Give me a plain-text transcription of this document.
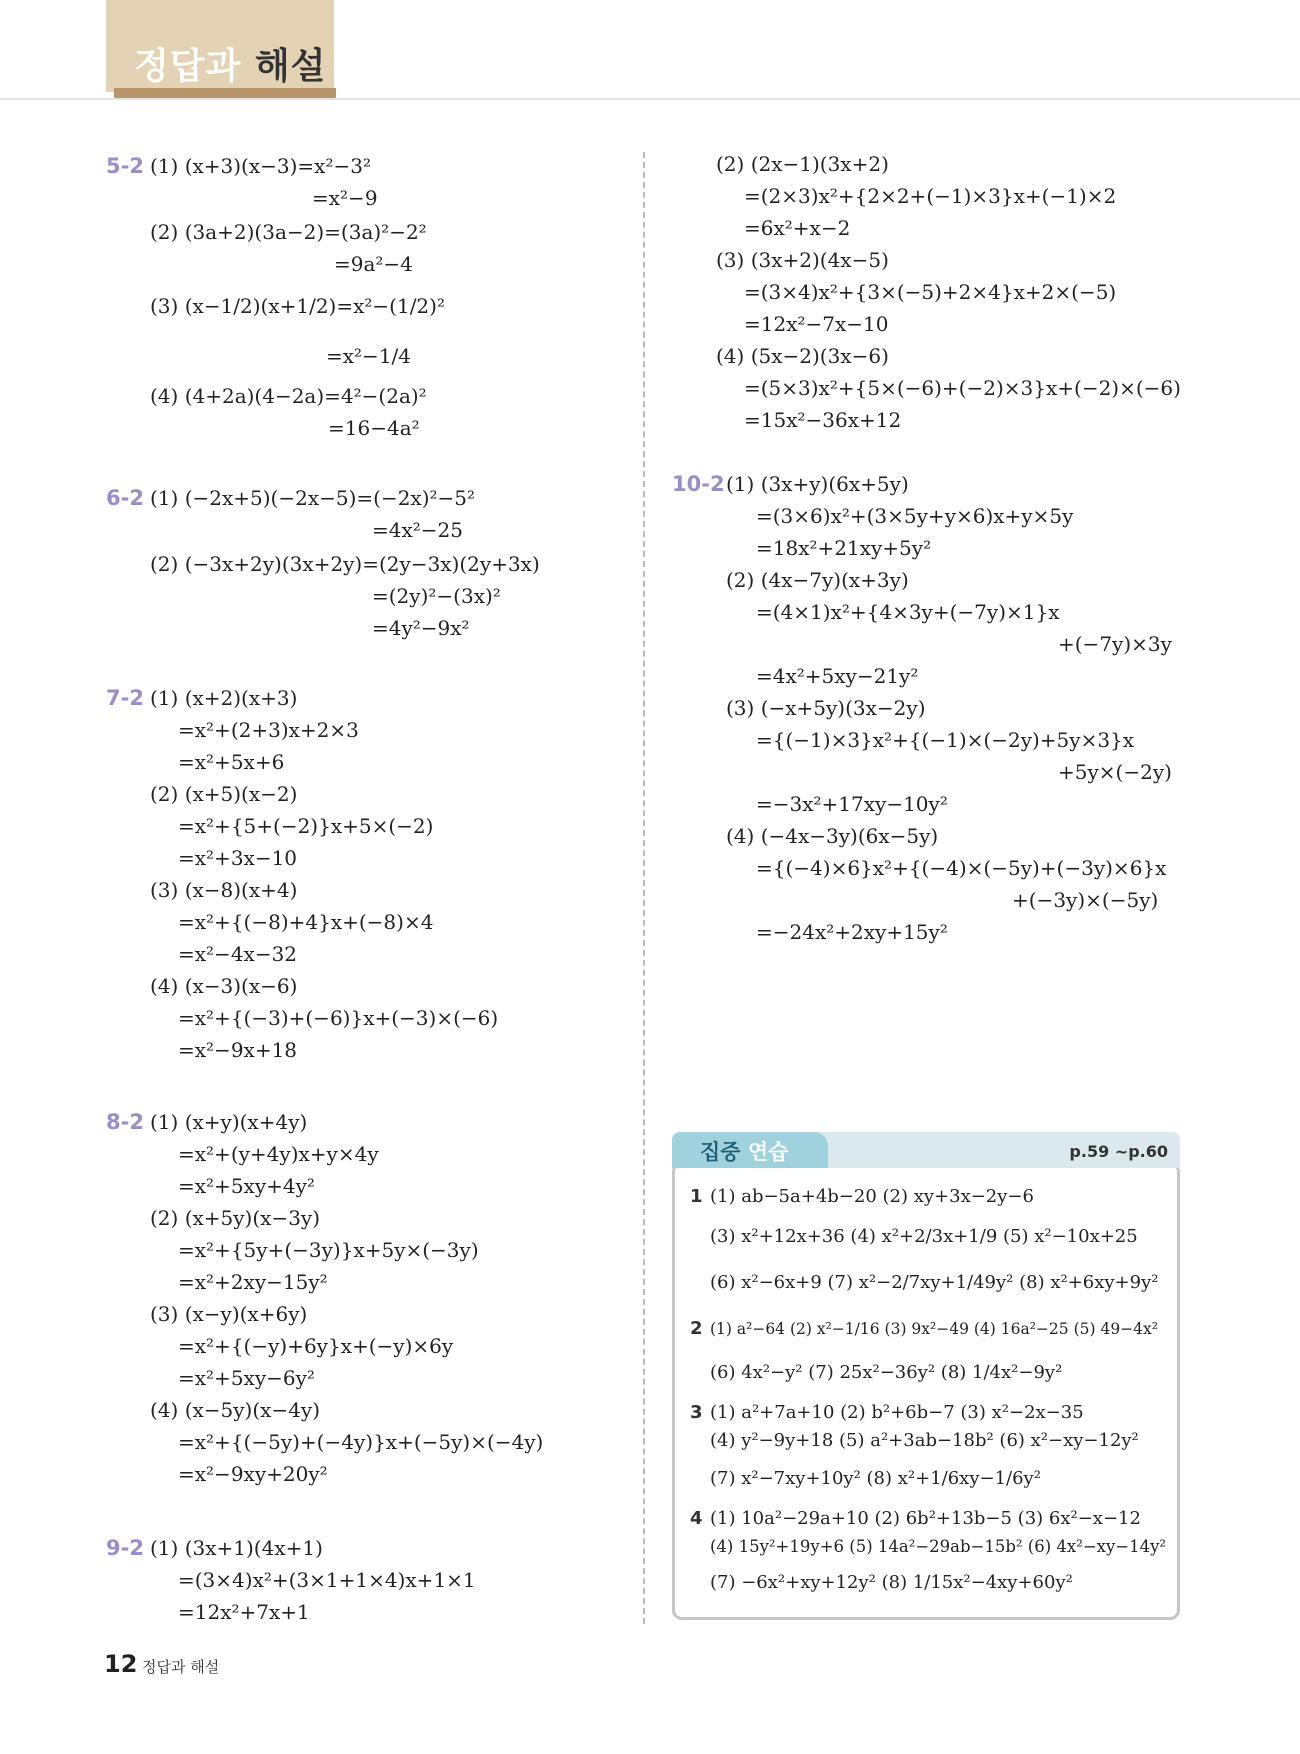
정답과 해설
5-2 (1) (x+3)(x−3)=x²−3²
=x²−9
(2) (3a+2)(3a−2)=(3a)²−2²
=9a²−4
(3) (x−1/2)(x+1/2)=x²−(1/2)²
=x²−1/4
(4) (4+2a)(4−2a)=4²−(2a)²
=16−4a²
6-2 (1) (−2x+5)(−2x−5)=(−2x)²−5²
=4x²−25
(2) (−3x+2y)(3x+2y)=(2y−3x)(2y+3x)
=(2y)²−(3x)²
=4y²−9x²
7-2 (1) (x+2)(x+3)
=x²+(2+3)x+2×3
=x²+5x+6
(2) (x+5)(x−2)
=x²+{5+(−2)}x+5×(−2)
=x²+3x−10
(3) (x−8)(x+4)
=x²+{(−8)+4}x+(−8)×4
=x²−4x−32
(4) (x−3)(x−6)
=x²+{(−3)+(−6)}x+(−3)×(−6)
=x²−9x+18
8-2 (1) (x+y)(x+4y)
=x²+(y+4y)x+y×4y
=x²+5xy+4y²
(2) (x+5y)(x−3y)
=x²+{5y+(−3y)}x+5y×(−3y)
=x²+2xy−15y²
(3) (x−y)(x+6y)
=x²+{(−y)+6y}x+(−y)×6y
=x²+5xy−6y²
(4) (x−5y)(x−4y)
=x²+{(−5y)+(−4y)}x+(−5y)×(−4y)
=x²−9xy+20y²
9-2 (1) (3x+1)(4x+1)
=(3×4)x²+(3×1+1×4)x+1×1
=12x²+7x+1
(2) (2x−1)(3x+2)
=(2×3)x²+{2×2+(−1)×3}x+(−1)×2
=6x²+x−2
(3) (3x+2)(4x−5)
=(3×4)x²+{3×(−5)+2×4}x+2×(−5)
=12x²−7x−10
(4) (5x−2)(3x−6)
=(5×3)x²+{5×(−6)+(−2)×3}x+(−2)×(−6)
=15x²−36x+12
10-2 (1) (3x+y)(6x+5y)
=(3×6)x²+(3×5y+y×6)x+y×5y
=18x²+21xy+5y²
(2) (4x−7y)(x+3y)
=(4×1)x²+{4×3y+(−7y)×1}x
+(−7y)×3y
=4x²+5xy−21y²
(3) (−x+5y)(3x−2y)
={(−1)×3}x²+{(−1)×(−2y)+5y×3}x
+5y×(−2y)
=−3x²+17xy−10y²
(4) (−4x−3y)(6x−5y)
={(−4)×6}x²+{(−4)×(−5y)+(−3y)×6}x
+(−3y)×(−5y)
=−24x²+2xy+15y²
집중 연습	p.59 ~p.60
1 (1) ab−5a+4b−20 (2) xy+3x−2y−6
(3) x²+12x+36 (4) x²+2/3x+1/9 (5) x²−10x+25
(6) x²−6x+9 (7) x²−2/7xy+1/49y² (8) x²+6xy+9y²
2 (1) a²−64 (2) x²−1/16 (3) 9x²−49 (4) 16a²−25 (5) 49−4x²
(6) 4x²−y² (7) 25x²−36y² (8) 1/4x²−9y²
3 (1) a²+7a+10 (2) b²+6b−7 (3) x²−2x−35
(4) y²−9y+18 (5) a²+3ab−18b² (6) x²−xy−12y²
(7) x²−7xy+10y² (8) x²+1/6xy−1/6y²
4 (1) 10a²−29a+10 (2) 6b²+13b−5 (3) 6x²−x−12
(4) 15y²+19y+6 (5) 14a²−29ab−15b² (6) 4x²−xy−14y²
(7) −6x²+xy+12y² (8) 1/15x²−4xy+60y²
12 정답과 해설
